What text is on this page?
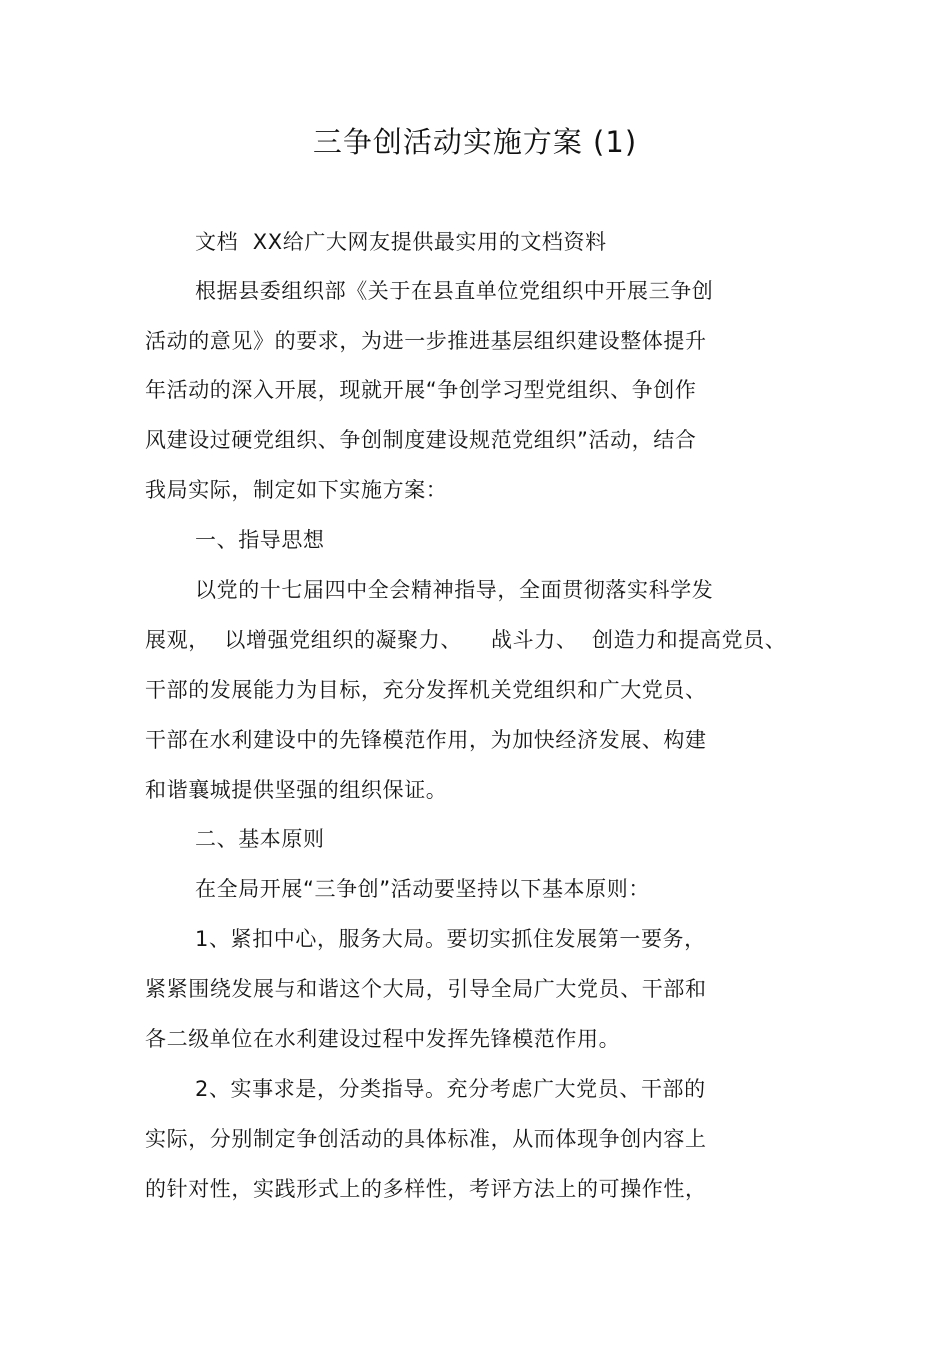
三争创活动实施方案 (1)
文档  XX给广大网友提供最实用的文档资料
根据县委组织部《关于在县直单位党组织中开展三争创
活动的意见》的要求，为进一步推进基层组织建设整体提升
年活动的深入开展，现就开展“争创学习型党组织、争创作
风建设过硬党组织、争创制度建设规范党组织”活动，结合
我局实际，制定如下实施方案：
一、指导思想
以党的十七届四中全会精神指导，全面贯彻落实科学发
展观，  以增强党组织的凝聚力、    战斗力、  创造力和提高党员、
干部的发展能力为目标，充分发挥机关党组织和广大党员、
干部在水利建设中的先锋模范作用，为加快经济发展、构建
和谐襄城提供坚强的组织保证。
二、基本原则
在全局开展“三争创”活动要坚持以下基本原则：
1、紧扣中心，服务大局。要切实抓住发展第一要务，
紧紧围绕发展与和谐这个大局，引导全局广大党员、干部和
各二级单位在水利建设过程中发挥先锋模范作用。
2、实事求是，分类指导。充分考虑广大党员、干部的
实际，分别制定争创活动的具体标准，从而体现争创内容上
的针对性，实践形式上的多样性，考评方法上的可操作性，
